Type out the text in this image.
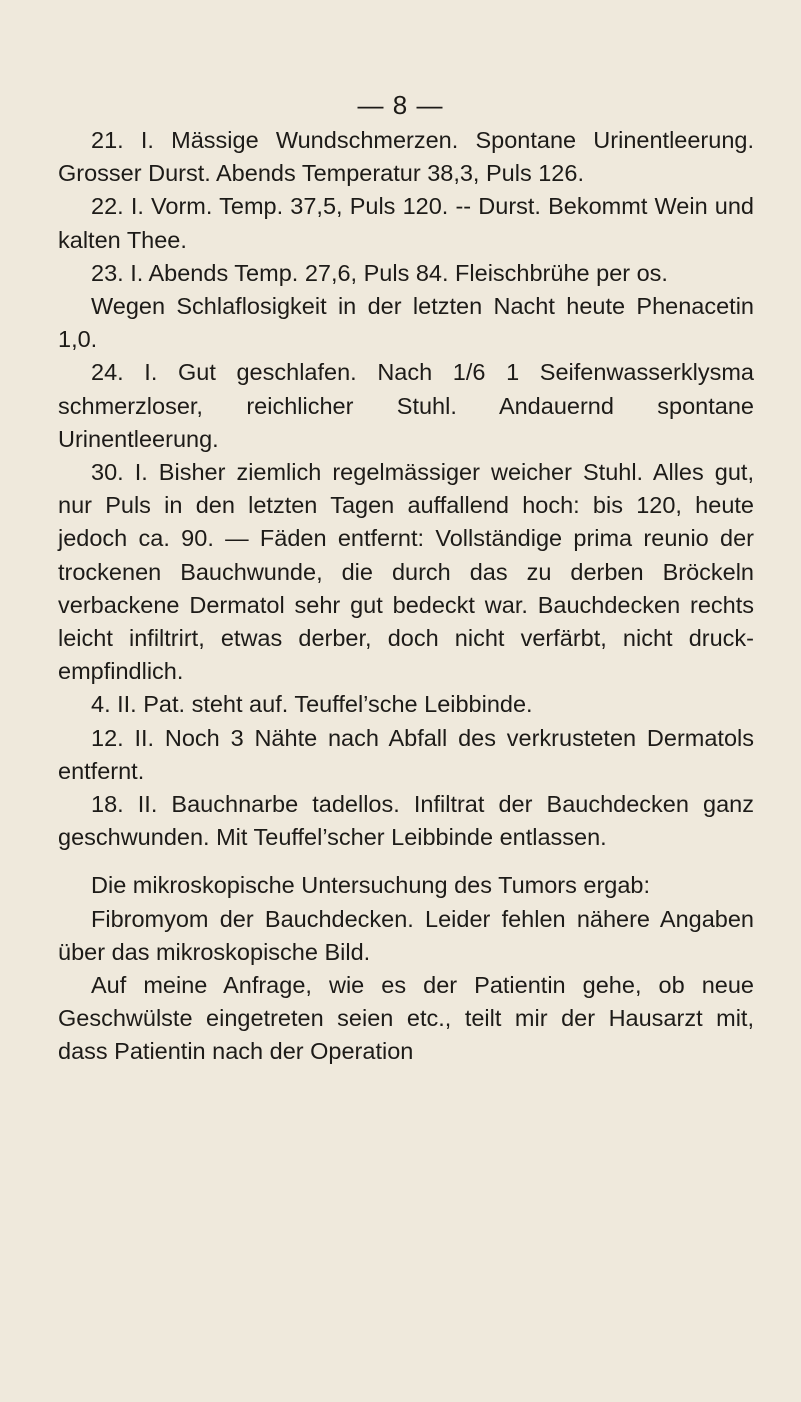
— 8 —

21. I. Mässige Wundschmerzen. Spontane Urinentleerung. Grosser Durst. Abends Temperatur 38,3, Puls 126.

22. I. Vorm. Temp. 37,5, Puls 120. -- Durst. Bekommt Wein und kalten Thee.

23. I. Abends Temp. 27,6, Puls 84. Fleischbrühe per os.

Wegen Schlaflosigkeit in der letzten Nacht heute Phenacetin 1,0.

24. I. Gut geschlafen. Nach 1/6 1 Seifenwasserklysma schmerzloser, reichlicher Stuhl. Andauernd spontane Urinentleerung.

30. I. Bisher ziemlich regelmässiger weicher Stuhl. Alles gut, nur Puls in den letzten Tagen auffallend hoch: bis 120, heute jedoch ca. 90. — Fäden entfernt: Vollständige prima reunio der trockenen Bauchwunde, die durch das zu derben Bröckeln verbackene Dermatol sehr gut bedeckt war. Bauchdecken rechts leicht infiltrirt, etwas derber, doch nicht verfärbt, nicht druckempfindlich.

4. II. Pat. steht auf. Teuffel’sche Leibbinde.

12. II. Noch 3 Nähte nach Abfall des verkrusteten Dermatols entfernt.

18. II. Bauchnarbe tadellos. Infiltrat der Bauchdecken ganz geschwunden. Mit Teuffel’scher Leibbinde entlassen.

Die mikroskopische Untersuchung des Tumors ergab:

Fibromyom der Bauchdecken. Leider fehlen nähere Angaben über das mikroskopische Bild.

Auf meine Anfrage, wie es der Patientin gehe, ob neue Geschwülste eingetreten seien etc., teilt mir der Hausarzt mit, dass Patientin nach der Operation
